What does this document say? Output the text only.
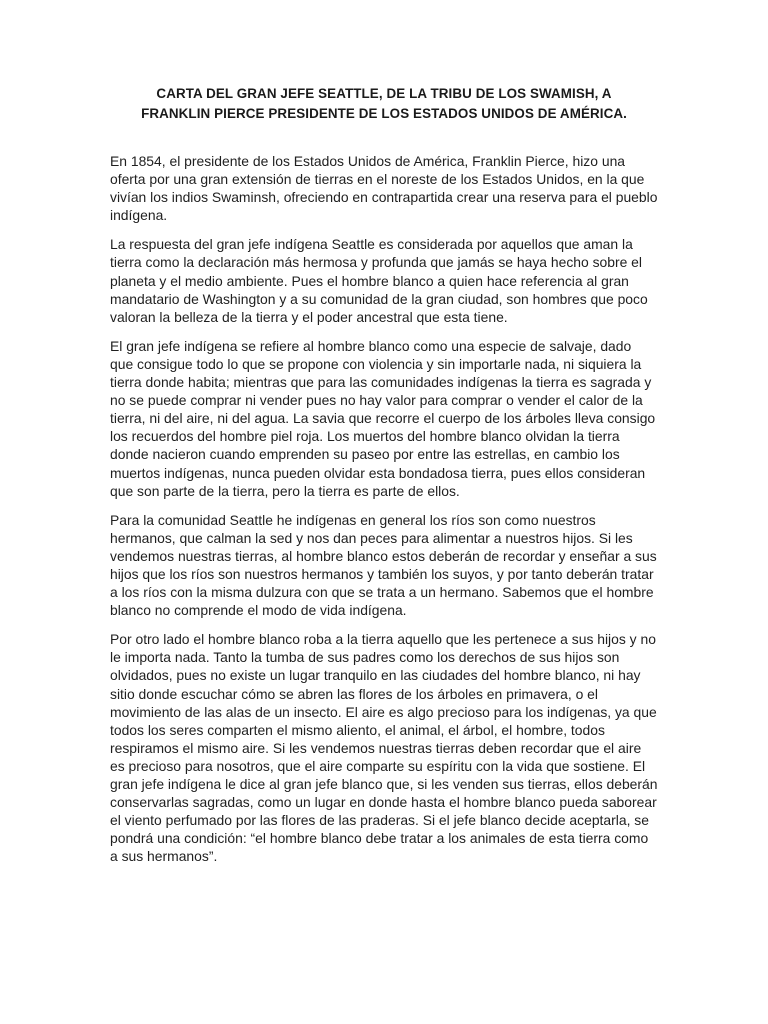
CARTA DEL GRAN JEFE SEATTLE, DE LA TRIBU DE LOS SWAMISH, A
FRANKLIN PIERCE PRESIDENTE DE LOS ESTADOS UNIDOS DE AMÉRICA.

En 1854, el presidente de los Estados Unidos de América, Franklin Pierce, hizo una oferta por una gran extensión de tierras en el noreste de los Estados Unidos, en la que vivían los indios Swaminsh, ofreciendo en contrapartida crear una reserva para el pueblo indígena.

La respuesta del gran jefe indígena Seattle es considerada por aquellos que aman la tierra como la declaración más hermosa y profunda que jamás se haya hecho sobre el planeta y el medio ambiente. Pues el hombre blanco a quien hace referencia al gran mandatario de Washington y a su comunidad de la gran ciudad, son hombres que poco valoran la belleza de la tierra y el poder ancestral que esta tiene.

El gran jefe indígena se refiere al hombre blanco como una especie de salvaje, dado que consigue todo lo que se propone con violencia y sin importarle nada, ni siquiera la tierra donde habita; mientras que para las comunidades indígenas la tierra es sagrada y no se puede comprar ni vender pues no hay valor para comprar o vender el calor de la tierra, ni del aire, ni del agua. La savia que recorre el cuerpo de los árboles lleva consigo los recuerdos del hombre piel roja. Los muertos del hombre blanco olvidan la tierra donde nacieron cuando emprenden su paseo por entre las estrellas, en cambio los muertos indígenas, nunca pueden olvidar esta bondadosa tierra, pues ellos consideran que son parte de la tierra, pero la tierra es parte de ellos.

Para la comunidad Seattle he indígenas en general los ríos son como nuestros hermanos, que calman la sed y nos dan peces para alimentar a nuestros hijos. Si les vendemos nuestras tierras, al hombre blanco estos deberán de recordar y enseñar a sus hijos que los ríos son nuestros hermanos y también los suyos, y por tanto deberán tratar a los ríos con la misma dulzura con que se trata a un hermano. Sabemos que el hombre blanco no comprende el modo de vida indígena.

Por otro lado el hombre blanco roba a la tierra aquello que les pertenece a sus hijos y no le importa nada. Tanto la tumba de sus padres como los derechos de sus hijos son olvidados, pues no existe un lugar tranquilo en las ciudades del hombre blanco, ni hay sitio donde escuchar cómo se abren las flores de los árboles en primavera, o el movimiento de las alas de un insecto. El aire es algo precioso para los indígenas, ya que todos los seres comparten el mismo aliento, el animal, el árbol, el hombre, todos respiramos el mismo aire. Si les vendemos nuestras tierras deben recordar que el aire es precioso para nosotros, que el aire comparte su espíritu con la vida que sostiene. El gran jefe indígena le dice al gran jefe blanco que, si les venden sus tierras, ellos deberán conservarlas sagradas, como un lugar en donde hasta el hombre blanco pueda saborear el viento perfumado por las flores de las praderas. Si el jefe blanco decide aceptarla, se pondrá una condición: “el hombre blanco debe tratar a los animales de esta tierra como a sus hermanos”.
